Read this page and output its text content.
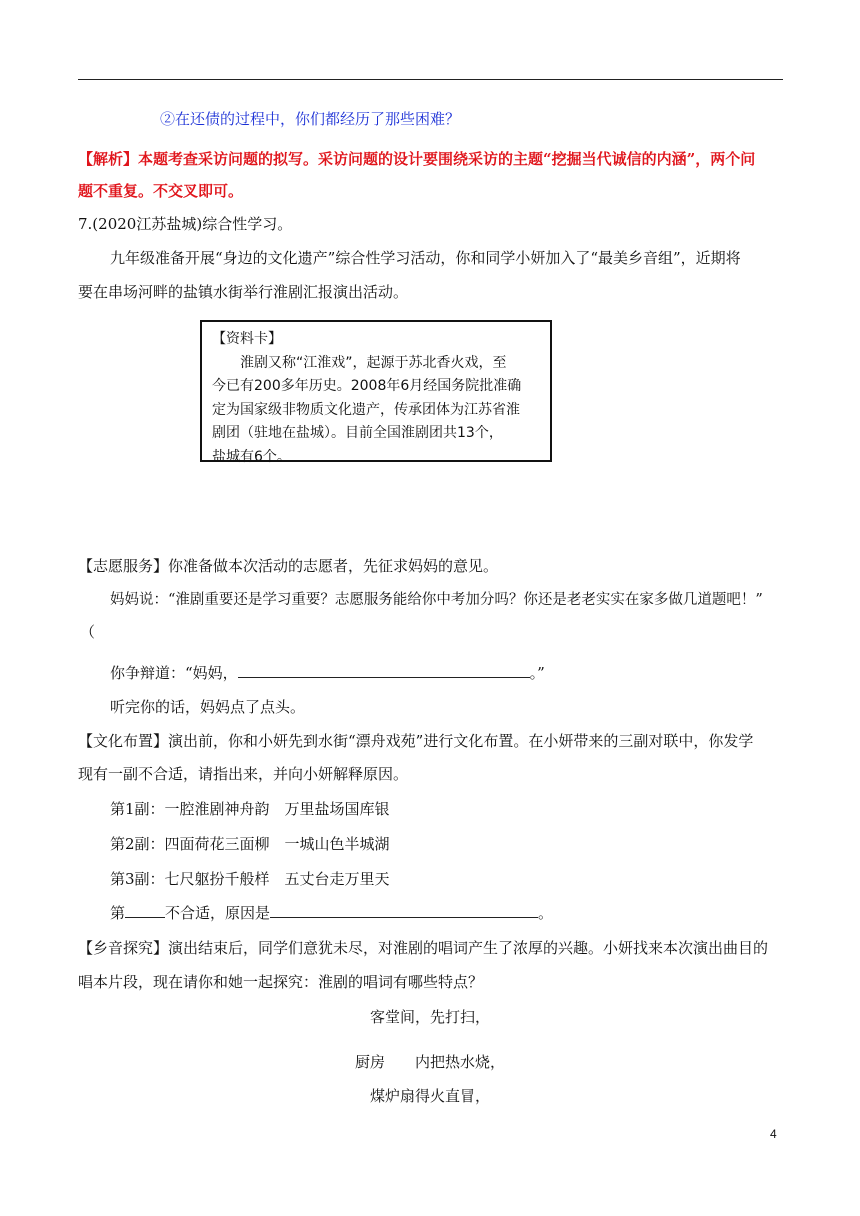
②在还债的过程中，你们都经历了那些困难？
【解析】本题考查采访问题的拟写。采访问题的设计要围绕采访的主题“挖掘当代诚信的内涵”，两个问
题不重复。不交叉即可。
7.(2020江苏盐城)综合性学习。
九年级准备开展“身边的文化遗产”综合性学习活动，你和同学小妍加入了“最美乡音组”，近期将
要在串场河畔的盐镇水街举行淮剧汇报演出活动。
【资料卡】
淮剧又称“江淮戏”，起源于苏北香火戏，至
今已有200多年历史。2008年6月经国务院批准确
定为国家级非物质文化遗产，传承团体为江苏省淮
剧团（驻地在盐城）。目前全国淮剧团共13个，
盐城有6个。
【志愿服务】你准备做本次活动的志愿者，先征求妈妈的意见。
妈妈说：“淮剧重要还是学习重要？志愿服务能给你中考加分吗？你还是老老实实在家多做几道题吧！”
（
你争辩道：“妈妈，	。”
听完你的话，妈妈点了点头。
【文化布置】演出前，你和小妍先到水街“漂舟戏苑”进行文化布置。在小妍带来的三副对联中，你发学
现有一副不合适，请指出来，并向小妍解释原因。
第1副：一腔淮剧神舟韵　万里盐场国库银
第2副：四面荷花三面柳　一城山色半城湖
第3副：七尺躯扮千般样　五丈台走万里天
第	不合适，原因是	。
【乡音探究】演出结束后，同学们意犹未尽，对淮剧的唱词产生了浓厚的兴趣。小妍找来本次演出曲目的
唱本片段，现在请你和她一起探究：淮剧的唱词有哪些特点？
客堂间，先打扫，
厨房　　内把热水烧，
煤炉扇得火直冒，
4
